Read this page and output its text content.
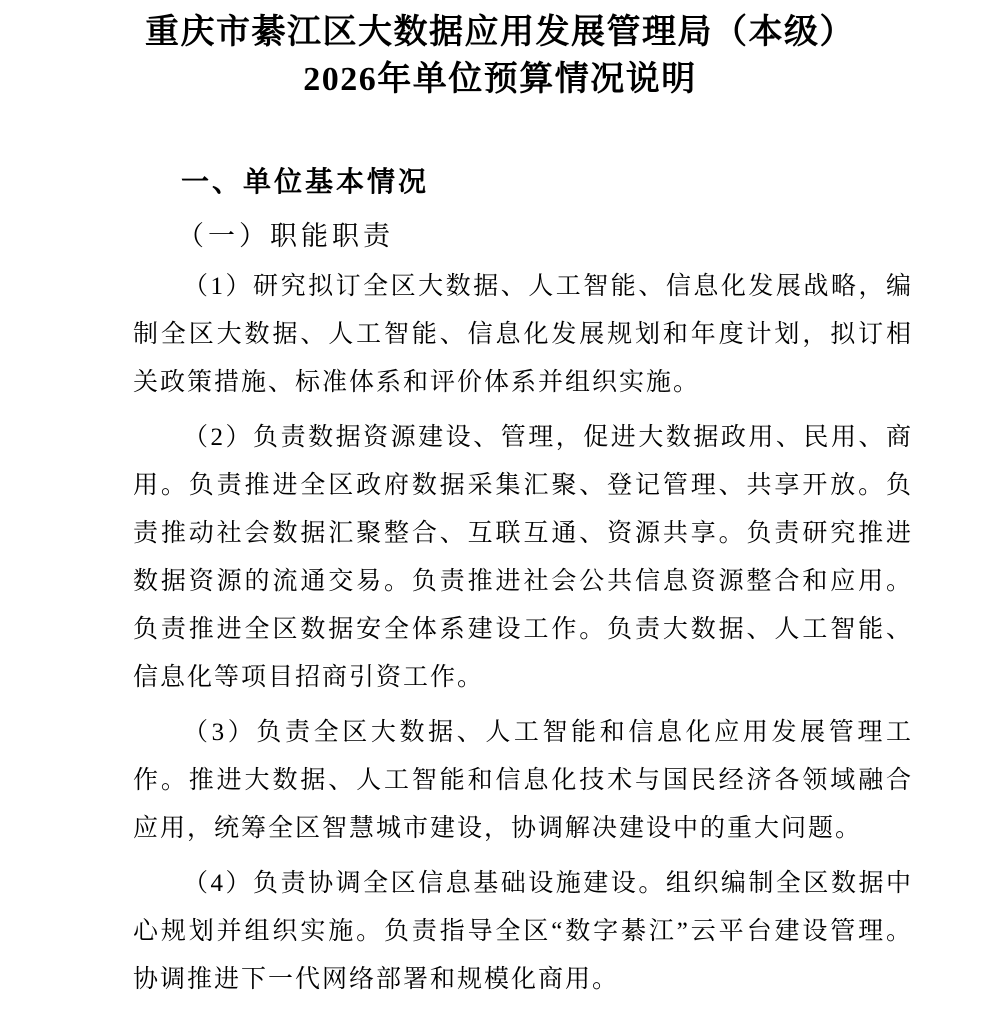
重庆市綦江区大数据应用发展管理局（本级）
2026年单位预算情况说明
一、单位基本情况
（一）职能职责

（1）研究拟订全区大数据、人工智能、信息化发展战略，编制全区大数据、人工智能、信息化发展规划和年度计划，拟订相关政策措施、标准体系和评价体系并组织实施。

（2）负责数据资源建设、管理，促进大数据政用、民用、商用。负责推进全区政府数据采集汇聚、登记管理、共享开放。负责推动社会数据汇聚整合、互联互通、资源共享。负责研究推进数据资源的流通交易。负责推进社会公共信息资源整合和应用。负责推进全区数据安全体系建设工作。负责大数据、人工智能、信息化等项目招商引资工作。

（3）负责全区大数据、人工智能和信息化应用发展管理工作。推进大数据、人工智能和信息化技术与国民经济各领域融合应用，统筹全区智慧城市建设，协调解决建设中的重大问题。

（4）负责协调全区信息基础设施建设。组织编制全区数据中心规划并组织实施。负责指导全区“数字綦江”云平台建设管理。协调推进下一代网络部署和规模化商用。
